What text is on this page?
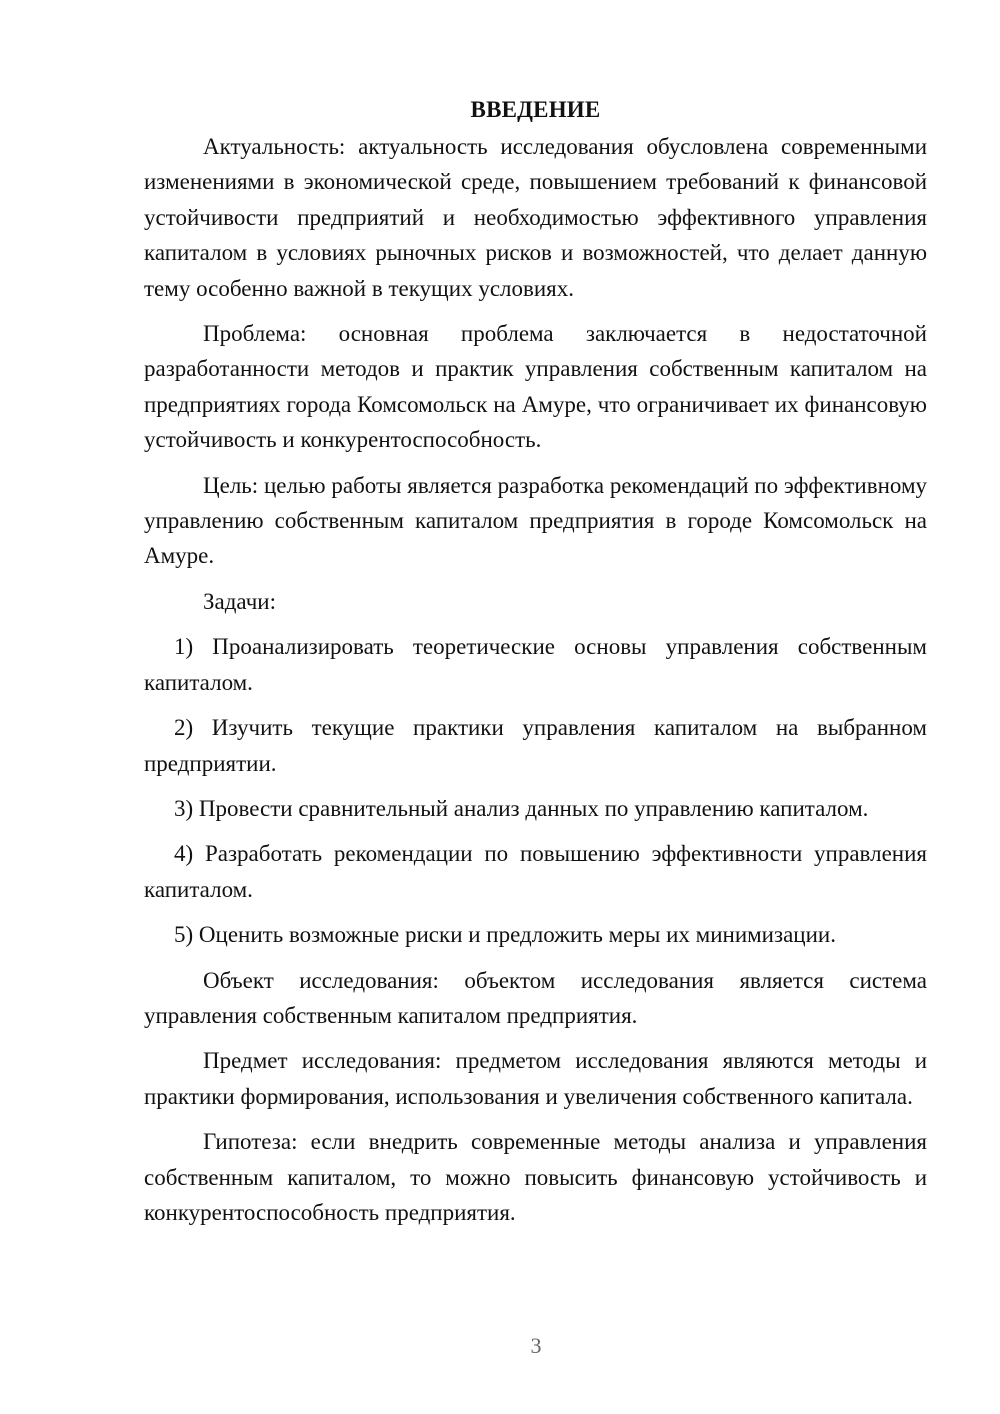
ВВЕДЕНИЕ

Актуальность: актуальность исследования обусловлена современными изменениями в экономической среде, повышением требований к финансовой устойчивости предприятий и необходимостью эффективного управления капиталом в условиях рыночных рисков и возможностей, что делает данную тему особенно важной в текущих условиях.

Проблема: основная проблема заключается в недостаточной разработанности методов и практик управления собственным капиталом на предприятиях города Комсомольск на Амуре, что ограничивает их финансовую устойчивость и конкурентоспособность.

Цель: целью работы является разработка рекомендаций по эффективному управлению собственным капиталом предприятия в городе Комсомольск на Амуре.

Задачи:

1) Проанализировать теоретические основы управления собственным капиталом.

2) Изучить текущие практики управления капиталом на выбранном предприятии.

3) Провести сравнительный анализ данных по управлению капиталом.

4) Разработать рекомендации по повышению эффективности управления капиталом.

5) Оценить возможные риски и предложить меры их минимизации.

Объект исследования: объектом исследования является система управления собственным капиталом предприятия.

Предмет исследования: предметом исследования являются методы и практики формирования, использования и увеличения собственного капитала.

Гипотеза: если внедрить современные методы анализа и управления собственным капиталом, то можно повысить финансовую устойчивость и конкурентоспособность предприятия.

3
